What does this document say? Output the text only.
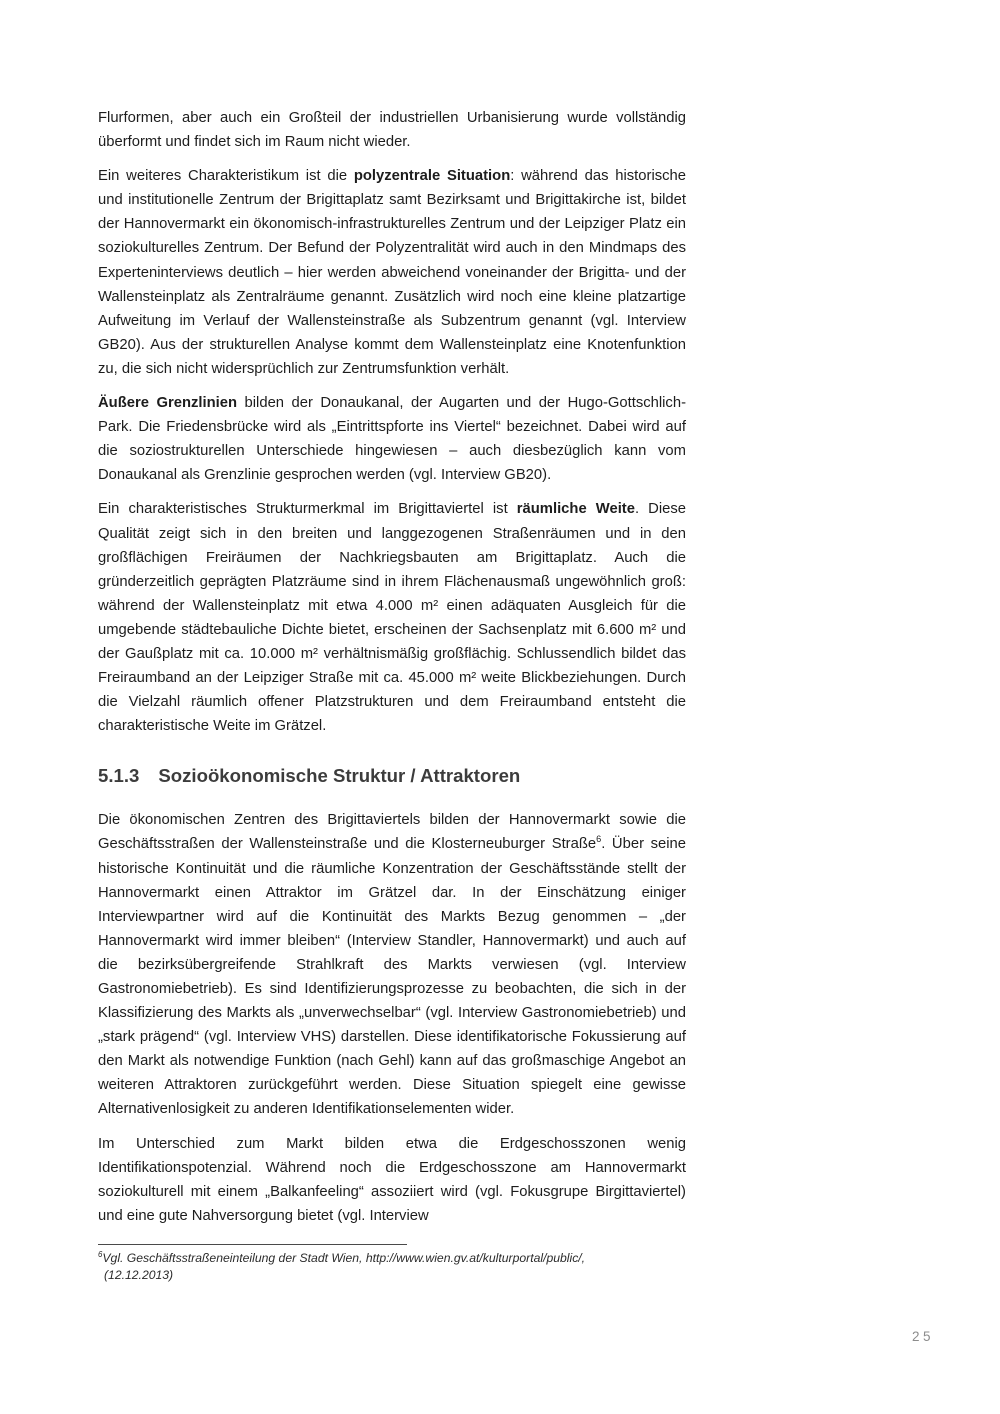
Flurformen, aber auch ein Großteil der industriellen Urbanisierung wurde vollständig überformt und findet sich im Raum nicht wieder.

Ein weiteres Charakteristikum ist die polyzentrale Situation: während das historische und institutionelle Zentrum der Brigittaplatz samt Bezirksamt und Brigittakirche ist, bildet der Hannovermarkt ein ökonomisch-infrastrukturelles Zentrum und der Leipziger Platz ein soziokulturelles Zentrum. Der Befund der Polyzentralität wird auch in den Mindmaps des Experteninterviews deutlich – hier werden abweichend voneinander der Brigitta- und der Wallensteinplatz als Zentralräume genannt. Zusätzlich wird noch eine kleine platzartige Aufweitung im Verlauf der Wallensteinstraße als Subzentrum genannt (vgl. Interview GB20). Aus der strukturellen Analyse kommt dem Wallensteinplatz eine Knotenfunktion zu, die sich nicht widersprüchlich zur Zentrumsfunktion verhält.

Äußere Grenzlinien bilden der Donaukanal, der Augarten und der Hugo-Gottschlich-Park. Die Friedensbrücke wird als „Eintrittspforte ins Viertel“ bezeichnet. Dabei wird auf die soziostrukturellen Unterschiede hingewiesen – auch diesbezüglich kann vom Donaukanal als Grenzlinie gesprochen werden (vgl. Interview GB20).

Ein charakteristisches Strukturmerkmal im Brigittaviertel ist räumliche Weite. Diese Qualität zeigt sich in den breiten und langgezogenen Straßenräumen und in den großflächigen Freiräumen der Nachkriegsbauten am Brigittaplatz. Auch die gründerzeitlich geprägten Platzräume sind in ihrem Flächenausmaß ungewöhnlich groß: während der Wallensteinplatz mit etwa 4.000 m² einen adäquaten Ausgleich für die umgebende städtebauliche Dichte bietet, erscheinen der Sachsenplatz mit 6.600 m² und der Gaußplatz mit ca. 10.000 m² verhältnismäßig großflächig. Schlussendlich bildet das Freiraumband an der Leipziger Straße mit ca. 45.000 m² weite Blickbeziehungen. Durch die Vielzahl räumlich offener Platzstrukturen und dem Freiraumband entsteht die charakteristische Weite im Grätzel.

5.1.3 Sozioökonomische Struktur / Attraktoren

Die ökonomischen Zentren des Brigittaviertels bilden der Hannovermarkt sowie die Geschäftsstraßen der Wallensteinstraße und die Klosterneuburger Straße$^6$. Über seine historische Kontinuität und die räumliche Konzentration der Geschäftsstände stellt der Hannovermarkt einen Attraktor im Grätzel dar. In der Einschätzung einiger Interviewpartner wird auf die Kontinuität des Markts Bezug genommen – „der Hannovermarkt wird immer bleiben“ (Interview Standler, Hannovermarkt) und auch auf die bezirksübergreifende Strahlkraft des Markts verwiesen (vgl. Interview Gastronomiebetrieb). Es sind Identifizierungsprozesse zu beobachten, die sich in der Klassifizierung des Markts als „unverwechselbar“ (vgl. Interview Gastronomiebetrieb) und „stark prägend“ (vgl. Interview VHS) darstellen. Diese identifikatorische Fokussierung auf den Markt als notwendige Funktion (nach Gehl) kann auf das großmaschige Angebot an weiteren Attraktoren zurückgeführt werden. Diese Situation spiegelt eine gewisse Alternativenlosigkeit zu anderen Identifikationselementen wider.

Im Unterschied zum Markt bilden etwa die Erdgeschosszonen wenig Identifikationspotenzial. Während noch die Erdgeschosszone am Hannovermarkt soziokulturell mit einem „Balkanfeeling“ assoziiert wird (vgl. Fokusgrupe Birgittaviertel) und eine gute Nahversorgung bietet (vgl. Interview

$^6$Vgl. Geschäftsstraßeneinteilung der Stadt Wien, http://www.wien.gv.at/kulturportal/public/,
(12.12.2013)
25
